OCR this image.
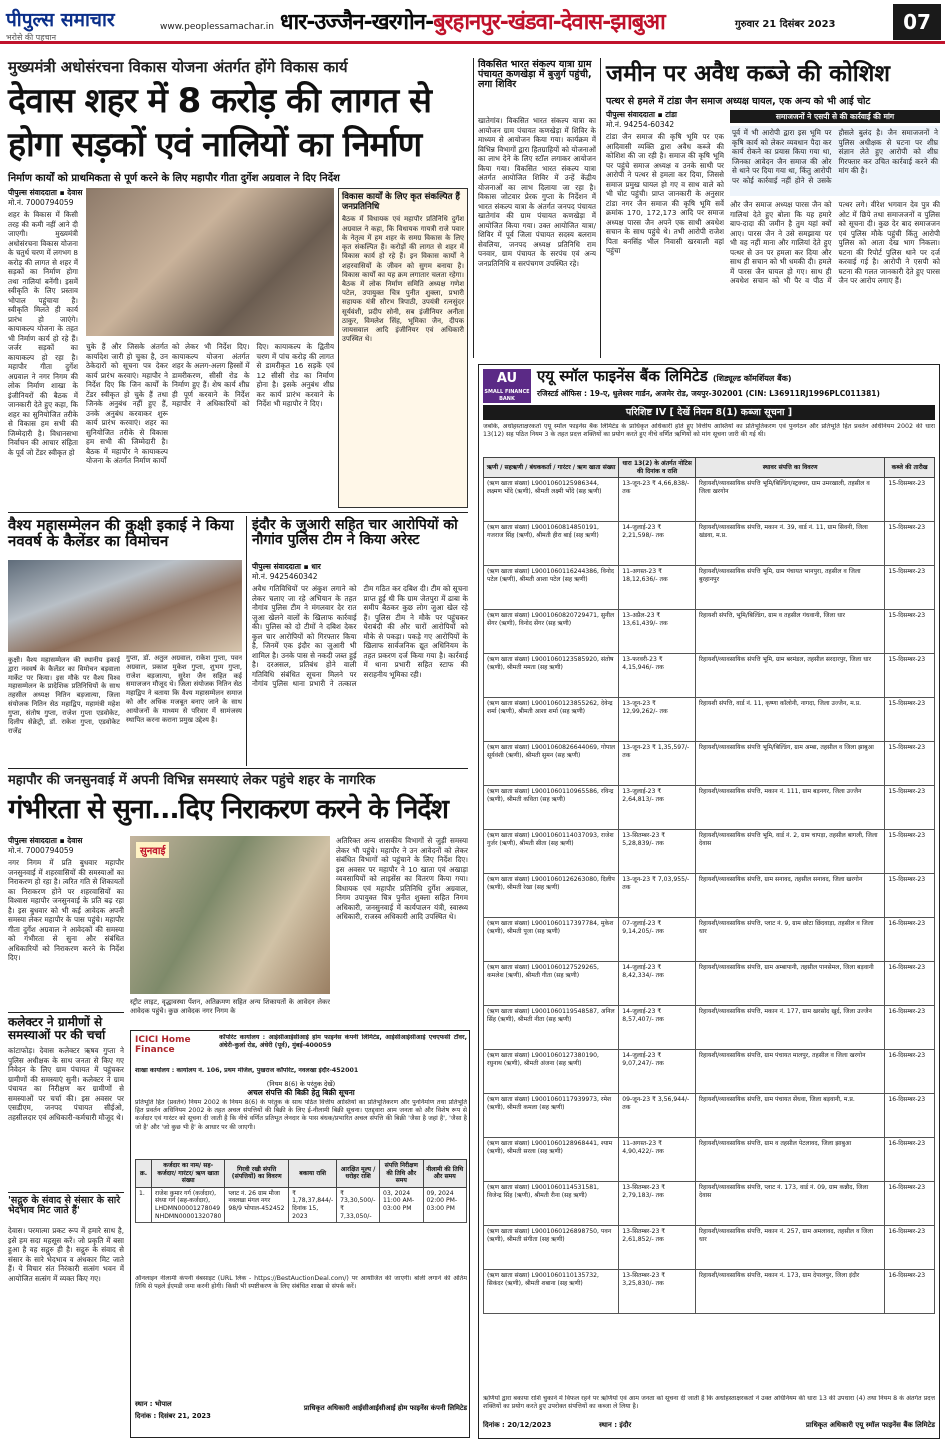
पीपुल्स समाचार
भरोसे की पहचान
www.peoplessamachar.in धार-उज्जैन-खरगोन-बुरहानपुर-खंडवा-देवास-झाबुआ	गुरुवार 21 दिसंबर 2023	07
मुख्यमंत्री अधोसंरचना विकास योजना अंतर्गत होंगे विकास कार्य
देवास शहर में 8 करोड़ की लागत से
होगा सड़कों एवं नालियों का निर्माण
निर्माण कार्यों को प्राथमिकता से पूर्ण करने के लिए महापौर गीता दुर्गेश अग्रवाल ने दिए निर्देश
पीपुल्स संवाददाता ▪ देवास
मो.नं. 7000794059
शहर के विकास में किसी तरह की कमी नहीं आने दी जाएगी। मुख्यमंत्री अधोसंरचना विकास योजना के चतुर्थ चरण में लगभग 8 करोड़ की लागत से शहर में सड़कों का निर्माण होगा तथा नालियां बनेंगी। इसमें स्वीकृति के लिए प्रस्ताव भोपाल पहुंचाया है। स्वीकृति मिलते ही कार्य प्रारंभ हो जाएंगे। कायाकल्प योजना के तहत भी निर्माण कार्य हो रहे हैं। जर्जर सड़कों का कायाकल्प हो रहा है। महापौर गीता दुर्गेश अग्रवाल ने नगर निगम की लोक निर्माण शाखा के इंजीनियरों की बैठक में जानकारी देते हुए कहा, कि शहर का सुनियोजित तरीके से विकास हम सभी की जिम्मेदारी है। विधानसभा निर्वाचन की आचार संहिता के पूर्व जो टेंडर स्वीकृत हो
विकास कार्यों के लिए कृत संकल्पित हैं जनप्रतिनिधि
बैठक में विधायक एवं महापौर प्रतिनिधि दुर्गेश अग्रवाल ने कहा, कि विधायक गायत्री राजे पवार के नेतृत्व में हम शहर के समग्र विकास के लिए कृत संकल्पित हैं। करोड़ों की लागत से शहर में विकास कार्य हो रहे हैं। इन विकास कार्यों ने शहरवासियों के जीवन को सुगम बनाया है। विकास कार्यों का यह क्रम लगातार चलता रहेगा। बैठक में लोक निर्माण समिति अध्यक्ष गणेश पटेल, उपायुक्त चित्र पुनीत शुक्ला, प्रभारी सहायक यंत्री सौरभ त्रिपाठी, उपयंत्री रत्नसुंदर सूर्यवंशी, प्रदीप सोनी, सब इंजीनियर अनीता ठाकुर, विमलेश सिंह, भूमिका जैन, दीपक जायसवाल आदि इंजीनियर एवं अधिकारी उपस्थित थे।
चुके हैं और जिसके अंतर्गत कार्यादेश जारी हो चुका है, उन ठेकेदारों को सूचना पत्र देकर कार्य प्रारंभ करवाएं। महापौर ने निर्देश दिए कि जिन कार्यों के टेंडर स्वीकृत हो चुके हैं तथा जिनके अनुबंध नहीं हुए हैं, उनके अनुबंध करवाकर शुरू कार्य प्रारंभ करवाएं। शहर का सुनियोजित तरीके से विकास हम सभी की जिम्मेदारी है। बैठक में महापौर ने कायाकल्प योजना के अंतर्गत निर्माण कार्यों
को लेकर भी निर्देश दिए। कायाकल्प योजना अंतर्गत शहर के अलग-अलग हिस्सों में डामरीकरण, सीसी रोड के निर्माण हुए हैं। शेष कार्य शीघ्र ही पूर्ण करवाने के निर्देश महापौर ने अधिकारियों को दिए। कायाकल्प के द्वितीय चरण में पांच करोड़ की लागत से डामरीकृत 16 सड़कें एवं 12 सीसी रोड का निर्माण होना है। इसके अनुबंध शीघ्र कर कार्य प्रारंभ करवाने के निर्देश भी महापौर ने दिए।
विकसित भारत संकल्प यात्रा ग्राम पंचायत कणखेड़ा में बुजुर्ग पहुंची, लगा शिविर
खातेगांव। विकसित भारत संकल्प यात्रा का आयोजन ग्राम पंचायत कणखेड़ा में शिविर के माध्यम से आयोजन किया गया। कार्यक्रम में विभिन्न विभागों द्वारा हितग्राहियों को योजनाओं का लाभ देने के लिए स्टॉल लगाकर आयोजन किया गया। विकसित भारत संकल्प यात्रा अंतर्गत आयोजित शिविर में उन्हें केंद्रीय योजनाओं का लाभ दिलाया जा रहा है। विकास जोटवार प्रेरक गुप्ता के निर्देशन में भारत संकल्प यात्रा के अंतर्गत जनपद पंचायत खातेगांव की ग्राम पंचायत कणखेड़ा में आयोजित किया गया। उक्त आयोजित यात्रा/शिविर में पूर्व जिला पंचायत सदस्य बलराम सेवलिया, जनपद अध्यक्ष प्रतिनिधि राम पनवार, ग्राम पंचायत के सरपंच एवं अन्य जनप्रतिनिधि व सरपंचगण उपस्थित रहे।
जमीन पर अवैध कब्जे की कोशिश
पत्थर से हमले में टांडा जैन समाज अध्यक्ष घायल, एक अन्य को भी आई चोट
पीपुल्स संवाददाता ▪ टांडा
मो.नं. 94254-60342
टांडा जैन समाज की कृषि भूमि पर एक आदिवासी व्यक्ति द्वारा अवैध कब्जे की कोशिश की जा रही है। समाज की कृषि भूमि पर पहुंचे समाज अध्यक्ष व उनके साथी पर आरोपी ने पत्थर से हमला कर दिया, जिससे समाज प्रमुख घायल हो गए व साथ वाले को भी चोट पहुंची। प्राप्त जानकारी के अनुसार टांडा नगर जैन समाज की कृषि भूमि सर्वे क्रमांक 170, 172,173 आदि पर समाज अध्यक्ष पारस जैन अपने एक साथी अवधेश सचान के साथ पहुंचे थे। तभी आरोपी राजेश पिता बनसिंह भील निवासी खरवाली वहां पहुंचा
समाजजनों ने एसपी से की कार्रवाई की मांग
पूर्व में भी आरोपी द्वारा इस भूमि पर कृषि कार्य को लेकर व्यवधान पैदा कर कार्य रोकने का प्रयास किया गया था, जिनका आवेदन जैन समाज की ओर से थाने पर दिया गया था, किंतु आरोपी पर कोई कार्रवाई नहीं होने से उसके हौसले बुलंद है। जैन समाजजनों ने पुलिस अधीक्षक से घटना पर शीघ्र संज्ञान लेते हुए आरोपी को शीघ्र गिरफ्तार कर उचित कार्रवाई करने की मांग की है।
और जैन समाज अध्यक्ष पारस जैन को गालियां देते हुए बोला कि यह हमारे बाप-दादा की जमीन है तुम यहां क्यों आए। पारस जैन ने उसे समझाया पर भी वह नहीं माना और गालियां देते हुए पत्थर से उन पर हमला कर दिया और साथ ही सचान को भी धमकी दी। हमले में पारस जैन घायल हो गए। साथ ही अवधेश सचान को भी पैर व पीठ में पत्थर लगे। वीरेश भगवान देव पुत्र की ओट में छिपे तथा समाजजनों व पुलिस को सूचना दी। कुछ देर बाद समाजजन एवं पुलिस मौके पहुंची किंतु आरोपी पुलिस को आता देख भाग निकला। घटना की रिपोर्ट पुलिस थाने पर दर्ज करवाई गई है। आरोपी ने एसपी को घटना की गलत जानकारी देते हुए पारस जैन पर आरोप लगाए हैं।
AU
SMALL FINANCE BANK
एयू स्मॉल फाइनेंस बैंक लिमिटेड (शिड्यूल्ड कॉमर्शियल बैंक)
रजिस्टर्ड ऑफिस : 19-ए, धुलेश्वर गार्डन, अजमेर रोड, जयपुर-302001 (CIN: L36911RJ1996PLC011381)
परिशिष्ट IV [ देखें नियम 8(1) कब्जा सूचना ]
जबकि, अधोहस्ताक्षरकर्ता एयू स्मॉल फाइनेंस बैंक लिमिटेड के प्राधिकृत अधिकारी होते हुए वित्तीय आस्तियों का प्रतिभूतिकरण एवं पुनर्गठन और प्रतिभूति हित प्रवर्तन अधिनियम 2002 की धारा 13(12) सह पठित नियम 3 के तहत प्रदत्त शक्तियों का प्रयोग करते हुए नीचे वर्णित ऋणियों को मांग सूचना जारी की गई थी।
ऋणी / सहऋणी / बंधककर्ता / गारंटर / ऋण खाता संख्या	धारा 13(2) के अंतर्गत नोटिस की दिनांक व राशि	स्थावर संपत्ति का विवरण	कब्जे की तारीख
(ऋण खाता संख्या) L9001060125986344, लक्ष्मण भोंदे (ऋणी), श्रीमती लक्ष्मी भोंदे (सह ऋणी)	13-जून-23 ₹ 4,66,838/- तक	रिहायशी/व्यावसायिक संपत्ति भूमि/बिल्डिंग/स्ट्रक्चर, ग्राम उमरखाली, तहसील व जिला खरगोन	15-दिसम्बर-23
(ऋण खाता संख्या) L9001060814850191, गजराज सिंह (ऋणी), श्रीमती हीरा बाई (सह ऋणी)	14-जुलाई-23 ₹ 2,21,598/- तक	रिहायशी/व्यावसायिक संपत्ति, मकान नं. 39, वार्ड नं. 11, ग्राम सिवनी, जिला खंडवा, म.प्र.	15-दिसम्बर-23
(ऋण खाता संख्या) L9001060116244386, विनोद पटेल (ऋणी), श्रीमती आशा पटेल (सह ऋणी)	11-अगस्त-23 ₹ 18,12,636/- तक	रिहायशी/व्यावसायिक संपत्ति भूमि, ग्राम पंचायत भानपुरा, तहसील व जिला बुरहानपुर	15-दिसम्बर-23
(ऋण खाता संख्या) L9001060820729471, सुनील सेंगर (ऋणी), विनोद सेंगर (सह ऋणी)	13-अप्रैल-23 ₹ 13,61,439/- तक	रिहायशी संपत्ति, भूमि/बिल्डिंग, ग्राम व तहसील गंधवानी, जिला धार	15-दिसम्बर-23
(ऋण खाता संख्या) L9001060123585920, संतोष (ऋणी), श्रीमती ममता (सह ऋणी)	13-फरवरी-23 ₹ 4,15,946/- तक	रिहायशी/व्यावसायिक संपत्ति भूमि, ग्राम बरमंडल, तहसील सरदारपुर, जिला धार	15-दिसम्बर-23
(ऋण खाता संख्या) L9001060123855262, देवेन्द्र शर्मा (ऋणी), श्रीमती आशा शर्मा (सह ऋणी)	13-जून-23 ₹ 12,99,262/- तक	रिहायशी संपत्ति, वार्ड नं. 11, कृष्णा कॉलोनी, नागदा, जिला उज्जैन, म.प्र.	15-दिसम्बर-23
(ऋण खाता संख्या) L9001060826644069, गोपाल सूर्यवंशी (ऋणी), श्रीमती सुमन (सह ऋणी)	13-जून-23 ₹ 1,35,597/- तक	रिहायशी/व्यावसायिक संपत्ति भूमि/बिल्डिंग, ग्राम अम्बा, तहसील व जिला झाबुआ	15-दिसम्बर-23
(ऋण खाता संख्या) L9001060110965586, रविन्द्र (ऋणी), श्रीमती कविता (सह ऋणी)	13-जुलाई-23 ₹ 2,64,813/- तक	रिहायशी/व्यावसायिक संपत्ति, मकान नं. 111, ग्राम बड़नगर, जिला उज्जैन	15-दिसम्बर-23
(ऋण खाता संख्या) L9001060114037093, राजेश गुर्जर (ऋणी), श्रीमती सीता (सह ऋणी)	13-सितम्बर-23 ₹ 5,28,839/- तक	रिहायशी/व्यावसायिक संपत्ति भूमि, वार्ड नं. 2, ग्राम चापड़ा, तहसील बागली, जिला देवास	15-दिसम्बर-23
(ऋण खाता संख्या) L9001060126263080, दिलीप (ऋणी), श्रीमती रेखा (सह ऋणी)	13-जून-23 ₹ 7,03,955/- तक	रिहायशी/व्यावसायिक संपत्ति, ग्राम सनावद, तहसील सनावद, जिला खरगोन	15-दिसम्बर-23
(ऋण खाता संख्या) L9001060117397784, मुकेश (ऋणी), श्रीमती पूजा (सह ऋणी)	07-जुलाई-23 ₹ 9,14,205/- तक	रिहायशी/व्यावसायिक संपत्ति, प्लाट नं. 9, ग्राम छोटा छिंदवाड़ा, तहसील व जिला धार	16-दिसम्बर-23
(ऋण खाता संख्या) L9001060127529265, कमलेश (ऋणी), श्रीमती गीता (सह ऋणी)	14-जुलाई-23 ₹ 8,42,334/- तक	रिहायशी/व्यावसायिक संपत्ति, ग्राम अम्बापानी, तहसील पानसेमल, जिला बड़वानी	16-दिसम्बर-23
(ऋण खाता संख्या) L9001060119548587, अनिल सिंह (ऋणी), श्रीमती नीता (सह ऋणी)	14-जुलाई-23 ₹ 8,57,407/- तक	रिहायशी/व्यावसायिक संपत्ति, मकान नं. 177, ग्राम खरसोद खुर्द, जिला उज्जैन	16-दिसम्बर-23
(ऋण खाता संख्या) L9001060127380190, रघुनाथ (ऋणी), श्रीमती अंजना (सह ऋणी)	14-जुलाई-23 ₹ 9,07,247/- तक	रिहायशी/व्यावसायिक संपत्ति, ग्राम पंचायत मालपुर, तहसील व जिला खरगोन	16-दिसम्बर-23
(ऋण खाता संख्या) L9001060117939973, रमेश (ऋणी), श्रीमती कमला (सह ऋणी)	09-जून-23 ₹ 3,56,944/- तक	रिहायशी/व्यावसायिक संपत्ति, ग्राम पंचायत सेंधवा, जिला बड़वानी, म.प्र.	16-दिसम्बर-23
(ऋण खाता संख्या) L9001060128968441, श्याम (ऋणी), श्रीमती सरला (सह ऋणी)	11-अगस्त-23 ₹ 4,90,422/- तक	रिहायशी/व्यावसायिक संपत्ति, ग्राम व तहसील पेटलावद, जिला झाबुआ	16-दिसम्बर-23
(ऋण खाता संख्या) L9001060114531581, विजेन्द्र सिंह (ऋणी), श्रीमती रीना (सह ऋणी)	13-सितम्बर-23 ₹ 2,79,183/- तक	रिहायशी/व्यावसायिक संपत्ति, प्लाट नं. 173, वार्ड नं. 09, ग्राम कन्नौद, जिला देवास	16-दिसम्बर-23
(ऋण खाता संख्या) L9001060126898750, पवन (ऋणी), श्रीमती संगीता (सह ऋणी)	13-सितम्बर-23 ₹ 2,61,852/- तक	रिहायशी/व्यावसायिक संपत्ति, मकान नं. 257, ग्राम अमलावद, तहसील व जिला धार	16-दिसम्बर-23
(ऋण खाता संख्या) L9001060110135732, सिकंदर (ऋणी), श्रीमती शबाना (सह ऋणी)	13-सितम्बर-23 ₹ 3,25,830/- तक	रिहायशी/व्यावसायिक संपत्ति, मकान नं. 173, ग्राम देपालपुर, जिला इंदौर	16-दिसम्बर-23
ऋणियों द्वारा बकाया राशि चुकाने में विफल रहने पर ऋणियों एवं आम जनता को सूचना दी जाती है कि अधोहस्ताक्षरकर्ता ने उक्त अधिनियम की धारा 13 की उपधारा (4) तथा नियम 8 के अंतर्गत प्रदत्त शक्तियों का प्रयोग करते हुए उपरोक्त संपत्तियों का कब्जा ले लिया है।
दिनांक : 20/12/2023	स्थान : इंदौर	प्राधिकृत अधिकारी एयू स्मॉल फाइनेंस बैंक लिमिटेड
वैश्य महासम्मेलन की कुक्षी इकाई ने किया नववर्ष के कैलेंडर का विमोचन
कुक्षी। वैश्य महासम्मेलन की स्थानीय इकाई द्वारा नववर्ष के कैलेंडर का विमोचन बड़वाला मार्केट पर किया। इस मौके पर वैश्य विश्व महासम्मेलन के प्रादेशिक प्रतिनिधियों के साथ तहसील अध्यक्ष नितिन बड़जात्या, जिला संयोजक नितिन सेठ महाद्विप, महामंत्री महेश गुप्ता, संतोष गुप्ता, राजेश गुप्ता एडवोकेट, दिलीप सेक्रेट्री, डॉ. राकेश गुप्ता, एडवोकेट राजेंद्र
गुप्ता, डॉ. अतुल अग्रवाल, राकेश गुप्ता, पवन अग्रवाल, प्रकाश मुकेश गुप्ता, शुभम गुप्ता, राजेश बड़जात्या, सुरेश जैन सहित कई समाजजन मौजूद थे। जिला संयोजक नितिन सेठ महाद्विप ने बताया कि वैश्य महासम्मेलन समाज को और अधिक मजबूत बनाए जाने के साथ आयोजनों के माध्यम से परिवार में सामंजस्य स्थापित करना कराना प्रमुख उद्देश्य है।
इंदौर के जुआरी सहित चार आरोपियों को नौगांव पुलिस टीम ने किया अरेस्ट
पीपुल्स संवाददाता ▪ धार
मो.नं. 9425460342
अवैध गतिविधियों पर अंकुश लगाने को लेकर चलाए जा रहे अभियान के तहत नौगांव पुलिस टीम ने मंगलवार देर रात जुआ खेलने वालों के खिलाफ कार्रवाई की। पुलिस को दो टीमों ने दबिश देकर कुल चार आरोपियों को गिरफ्तार किया है, जिनमें एक इंदौर का जुआरी भी शामिल है। उनके पास से नकदी जब्त हुई है। दरअसल, प्रतिबंध होने वाली गतिविधि संबंधित सूचना मिलने पर नौगांव पुलिस थाना प्रभारी ने तत्काल टीम गठित कर दबिश दी। टीम को सूचना प्राप्त हुई थी कि ग्राम जेतपुरा में ढाबा के समीप बैठकर कुछ लोग जुआ खेल रहे हैं। पुलिस टीम ने मौके पर पहुंचकर घेराबंदी की और चारों आरोपियों को मौके से पकड़ा। पकड़े गए आरोपियों के खिलाफ सार्वजनिक द्यूत अधिनियम के तहत प्रकरण दर्ज किया गया है। कार्रवाई में थाना प्रभारी सहित स्टाफ की सराहनीय भूमिका रही।
महापौर की जनसुनवाई में अपनी विभिन्न समस्याएं लेकर पहुंचे शहर के नागरिक
गंभीरता से सुना...दिए निराकरण करने के निर्देश
पीपुल्स संवाददाता ▪ देवास
मो.नं. 7000794059
नगर निगम में प्रति बुधवार महापौर जनसुनवाई में शहरवासियों की समस्याओं का निराकरण हो रहा है। त्वरित गति से शिकायतों का निराकरण होने पर शहरवासियों का विश्वास महापौर जनसुनवाई के प्रति बढ़ रहा है। इस बुधवार को भी कई आवेदक अपनी समस्या लेकर महापौर के पास पहुंचे। महापौर गीता दुर्गेश अग्रवाल ने आवेदकों की समस्या को गंभीरता से सुना और संबंधित अधिकारियों को निराकरण करने के निर्देश दिए।
सुनवाई
स्ट्रीट लाइट, वृद्धावस्था पेंशन, अतिक्रमण सहित अन्य शिकायतों के आवेदन लेकर आवेदक पहुंचे। कुछ आवेदक नगर निगम के
अतिरिक्त अन्य शासकीय विभागों से जुड़ी समस्या लेकर भी पहुंचे। महापौर ने उन आवेदनों को लेकर संबंधित विभागों को पहुंचाने के लिए निर्देश दिए। इस अवसर पर महापौर ने 10 खाता एवं अखाड़ा व्यवसायियों को लाइसेंस का वितरण किया गया। विधायक एवं महापौर प्रतिनिधि दुर्गेश अग्रवाल, निगम उपायुक्त चित्र पुनीत शुक्ला सहित निगम अधिकारी, जनसुनवाई में कार्यपालन यंत्री, स्वास्थ्य अधिकारी, राजस्व अधिकारी आदि उपस्थित थे।
कलेक्टर ने ग्रामीणों से समस्याओं पर की चर्चा
कांटाफोड़। देवास कलेक्टर ऋषव गुप्ता ने पुलिस अधीक्षक के साथ जनता से किए गए निवेदन के लिए ग्राम पंचायत में पहुंचकर ग्रामीणों की समस्याएं सुनी। कलेक्टर ने ग्राम पंचायत का निरीक्षण कर ग्रामीणों से समस्याओं पर चर्चा की। इस अवसर पर एसडीएम, जनपद पंचायत सीईओ, तहसीलदार एवं अधिकारी-कर्मचारी मौजूद थे।
'सद्गुरु के संवाद से संसार के सारे भेदभाव मिट जाते हैं'
देवास। परमात्मा प्रकट रूप में हमारे साथ है, इसे हम सदा महसूस करें। जो प्रकृति में बसा हुआ है वह सद्गुरु ही है। सद्गुरु के संवाद से संसार के सारे भेदभाव व अंधकार मिट जाते हैं। ये विचार संत निरंकारी सत्संग भवन में आयोजित सत्संग में व्यक्त किए गए।
ICICI Home Finance
कॉर्पोरेट कार्यालय : आईसीआईसीआई होम फाइनेंस कंपनी लिमिटेड, आईसीआईसीआई एचएफसी टॉवर, अंधेरी-कुर्ला रोड, अंधेरी (पूर्व), मुंबई-400059
शाखा कार्यालय : कार्यालय नं. 106, प्रथम मंजिल, पुखराज कॉर्पोरेट, नवलखा इंदौर-452001
(नियम 8(6) के परंतुक देखें)
अचल संपत्ति की बिक्री हेतु बिक्री सूचना
प्रतिभूति हित (प्रवर्तन) नियम 2002 के नियम 8(6) के परंतुक के साथ पठित वित्तीय आस्तियों का प्रतिभूतिकरण और पुनर्निर्माण तथा प्रतिभूति हित प्रवर्तन अधिनियम 2002 के तहत अचल संपत्तियों की बिक्री के लिए ई-नीलामी बिक्री सूचना। एतद्द्वारा आम जनता को और विशेष रूप से कर्जदार एवं गारंटर को सूचना दी जाती है कि नीचे वर्णित प्रतिभूत लेनदार के पास बंधक/प्रभारित अचल संपत्ति की बिक्री 'जैसा है जहां है', 'जैसा है जो है' और 'जो कुछ भी है' के आधार पर की जाएगी।
क्र.	कर्जदार का नाम/ सह-कर्जदार/ गारंटर/ ऋण खाता संख्या	गिरवी रखी संपत्ति (संपत्तियों) का विवरण	बकाया राशि	आरक्षित मूल्य / धरोहर राशि	संपत्ति निरीक्षण की तिथि और समय	नीलामी की तिथि और समय
1.	राजेश कुमार गर्ग (कर्जदार), संध्या गर्ग (सह-कर्जदार), LHDMN00001278049 NHDMN00001320780	प्लाट नं. 26 ग्राम मौजा नवलखा मंगल नगर 98/9 भोपाल-452452	₹ 1,78,37,844/- दिनांक 15, 2023	₹ 73,30,500/- ₹ 7,33,050/-	03, 2024 11:00 AM- 03:00 PM	09, 2024 02:00 PM- 03:00 PM
ऑनलाइन नीलामी कंपनी वेबसाइट (URL लिंक - https://BestAuctionDeal.com/) पर आयोजित की जाएगी। बोली लगाने की अंतिम तिथि से पहले ईएमडी जमा करनी होगी। किसी भी स्पष्टीकरण के लिए संबंधित शाखा से संपर्क करें।
स्थान : भोपाल
दिनांक : दिसंबर 21, 2023
प्राधिकृत अधिकारी आईसीआईसीआई होम फाइनेंस कंपनी लिमिटेड
